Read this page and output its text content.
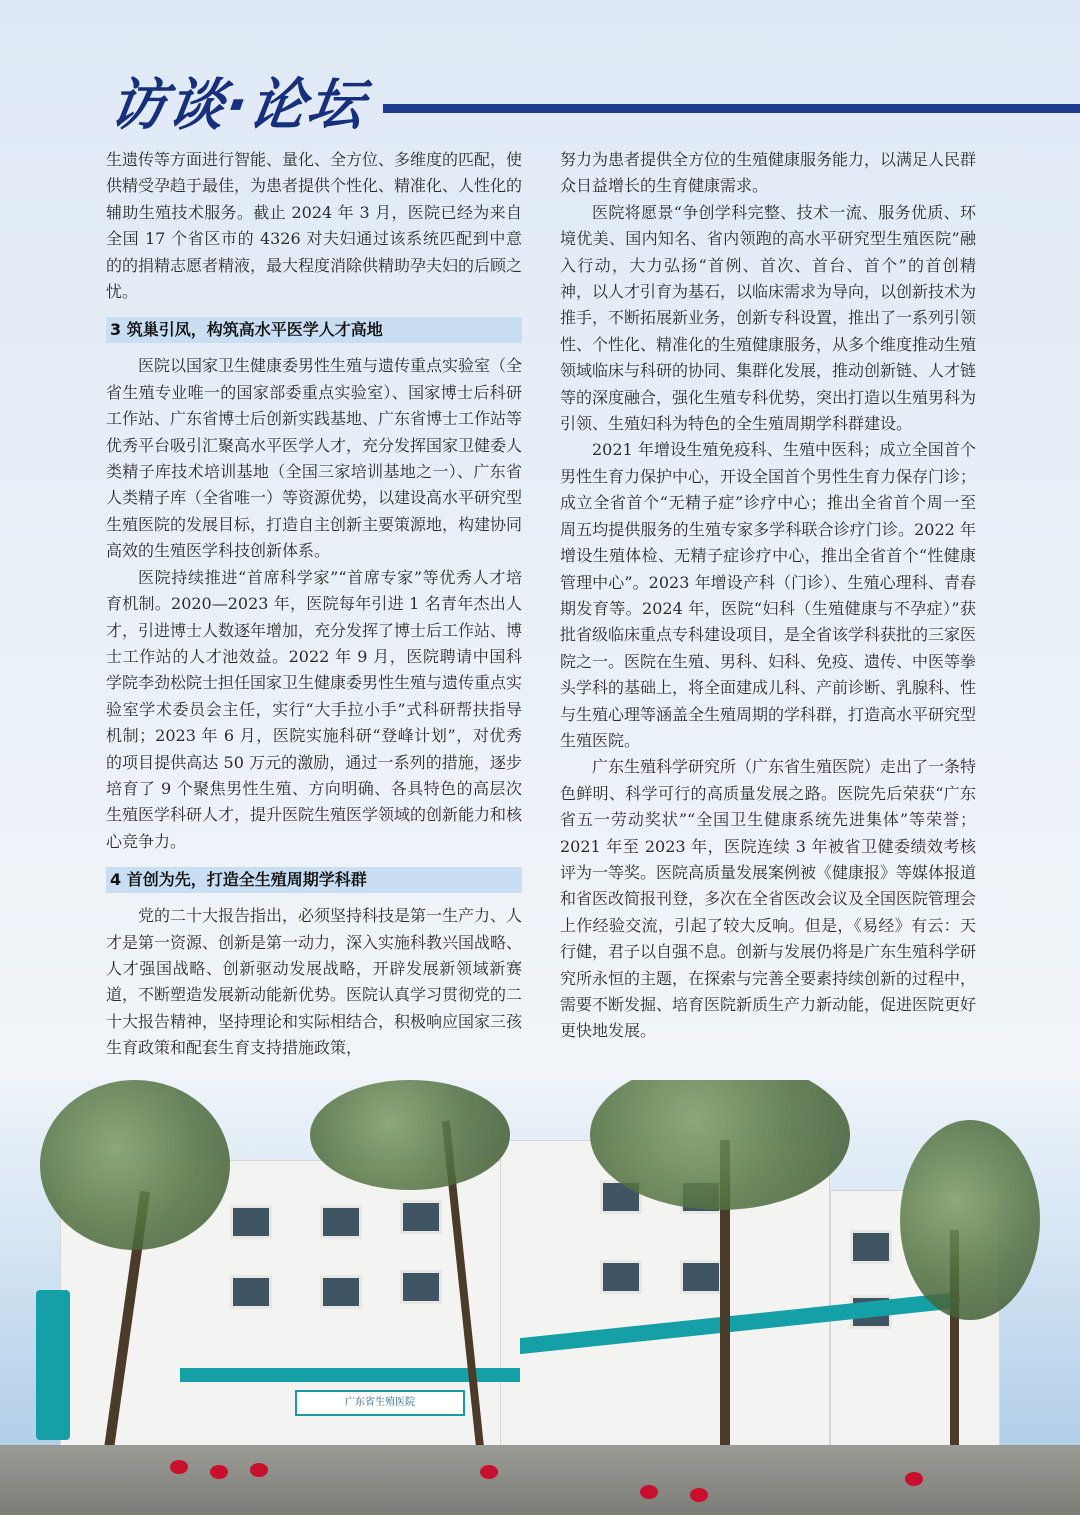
访谈·论坛

生遗传等方面进行智能、量化、全方位、多维度的匹配，使供精受孕趋于最佳，为患者提供个性化、精准化、人性化的辅助生殖技术服务。截止 2024 年 3 月，医院已经为来自全国 17 个省区市的 4326 对夫妇通过该系统匹配到中意的的捐精志愿者精液，最大程度消除供精助孕夫妇的后顾之忧。

3 筑巢引凤，构筑高水平医学人才高地

医院以国家卫生健康委男性生殖与遗传重点实验室（全省生殖专业唯一的国家部委重点实验室）、国家博士后科研工作站、广东省博士后创新实践基地、广东省博士工作站等优秀平台吸引汇聚高水平医学人才，充分发挥国家卫健委人类精子库技术培训基地（全国三家培训基地之一）、广东省人类精子库（全省唯一）等资源优势，以建设高水平研究型生殖医院的发展目标，打造自主创新主要策源地，构建协同高效的生殖医学科技创新体系。

医院持续推进“首席科学家”“首席专家”等优秀人才培育机制。2020—2023 年，医院每年引进 1 名青年杰出人才，引进博士人数逐年增加，充分发挥了博士后工作站、博士工作站的人才池效益。2022 年 9 月，医院聘请中国科学院李劲松院士担任国家卫生健康委男性生殖与遗传重点实验室学术委员会主任，实行“大手拉小手”式科研帮扶指导机制；2023 年 6 月，医院实施科研“登峰计划”，对优秀的项目提供高达 50 万元的激励，通过一系列的措施，逐步培育了 9 个聚焦男性生殖、方向明确、各具特色的高层次生殖医学科研人才，提升医院生殖医学领域的创新能力和核心竞争力。

4 首创为先，打造全生殖周期学科群

党的二十大报告指出，必须坚持科技是第一生产力、人才是第一资源、创新是第一动力，深入实施科教兴国战略、人才强国战略、创新驱动发展战略，开辟发展新领域新赛道，不断塑造发展新动能新优势。医院认真学习贯彻党的二十大报告精神，坚持理论和实际相结合，积极响应国家三孩生育政策和配套生育支持措施政策，

努力为患者提供全方位的生殖健康服务能力，以满足人民群众日益增长的生育健康需求。

医院将愿景“争创学科完整、技术一流、服务优质、环境优美、国内知名、省内领跑的高水平研究型生殖医院”融入行动，大力弘扬“首例、首次、首台、首个”的首创精神，以人才引育为基石，以临床需求为导向，以创新技术为推手，不断拓展新业务，创新专科设置，推出了一系列引领性、个性化、精准化的生殖健康服务，从多个维度推动生殖领域临床与科研的协同、集群化发展，推动创新链、人才链等的深度融合，强化生殖专科优势，突出打造以生殖男科为引领、生殖妇科为特色的全生殖周期学科群建设。

2021 年增设生殖免疫科、生殖中医科；成立全国首个男性生育力保护中心，开设全国首个男性生育力保存门诊；成立全省首个“无精子症”诊疗中心；推出全省首个周一至周五均提供服务的生殖专家多学科联合诊疗门诊。2022 年增设生殖体检、无精子症诊疗中心，推出全省首个“性健康管理中心”。2023 年增设产科（门诊）、生殖心理科、青春期发育等。2024 年，医院“妇科（生殖健康与不孕症）”获批省级临床重点专科建设项目，是全省该学科获批的三家医院之一。医院在生殖、男科、妇科、免疫、遗传、中医等拳头学科的基础上，将全面建成儿科、产前诊断、乳腺科、性与生殖心理等涵盖全生殖周期的学科群，打造高水平研究型生殖医院。

广东生殖科学研究所（广东省生殖医院）走出了一条特色鲜明、科学可行的高质量发展之路。医院先后荣获“广东省五一劳动奖状”“全国卫生健康系统先进集体”等荣誉；2021 年至 2023 年，医院连续 3 年被省卫健委绩效考核评为一等奖。医院高质量发展案例被《健康报》等媒体报道和省医改简报刊登，多次在全省医改会议及全国医院管理会上作经验交流，引起了较大反响。但是，《易经》有云：天行健，君子以自强不息。创新与发展仍将是广东生殖科学研究所永恒的主题，在探索与完善全要素持续创新的过程中，需要不断发掘、培育医院新质生产力新动能，促进医院更好更快地发展。

广东省生殖医院
